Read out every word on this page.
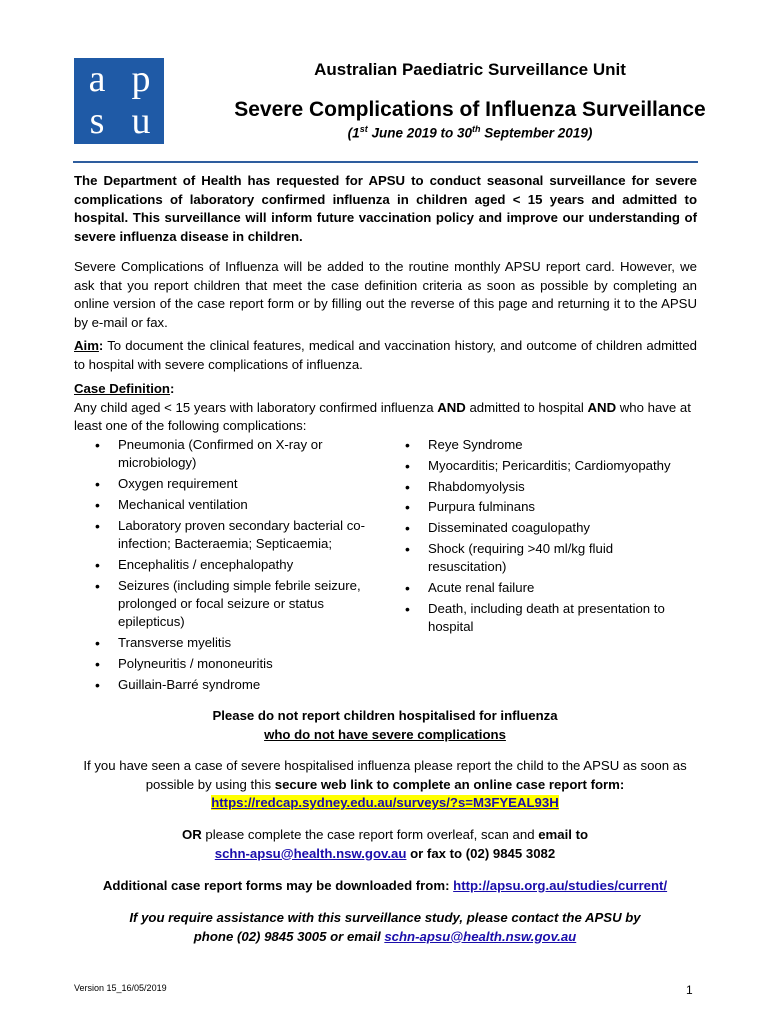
a p
s u
Australian Paediatric Surveillance Unit
Severe Complications of Influenza Surveillance
(1st June 2019 to 30th September 2019)
The Department of Health has requested for APSU to conduct seasonal surveillance for severe complications of laboratory confirmed influenza in children aged < 15 years and admitted to hospital. This surveillance will inform future vaccination policy and improve our understanding of severe influenza disease in children.
Severe Complications of Influenza will be added to the routine monthly APSU report card. However, we ask that you report children that meet the case definition criteria as soon as possible by completing an online version of the case report form or by filling out the reverse of this page and returning it to the APSU by e-mail or fax.
Aim: To document the clinical features, medical and vaccination history, and outcome of children admitted to hospital with severe complications of influenza.
Case Definition:
Any child aged < 15 years with laboratory confirmed influenza AND admitted to hospital AND who have at least one of the following complications:
• Pneumonia (Confirmed on X-ray or microbiology)
• Oxygen requirement
• Mechanical ventilation
• Laboratory proven secondary bacterial co-infection; Bacteraemia; Septicaemia;
• Encephalitis / encephalopathy
• Seizures (including simple febrile seizure, prolonged or focal seizure or status epilepticus)
• Transverse myelitis
• Polyneuritis / mononeuritis
• Guillain-Barré syndrome
• Reye Syndrome
• Myocarditis; Pericarditis; Cardiomyopathy
• Rhabdomyolysis
• Purpura fulminans
• Disseminated coagulopathy
• Shock (requiring >40 ml/kg fluid resuscitation)
• Acute renal failure
• Death, including death at presentation to hospital
Please do not report children hospitalised for influenza
who do not have severe complications
If you have seen a case of severe hospitalised influenza please report the child to the APSU as soon as possible by using this secure web link to complete an online case report form:
https://redcap.sydney.edu.au/surveys/?s=M3FYEAL93H
OR please complete the case report form overleaf, scan and email to
schn-apsu@health.nsw.gov.au or fax to (02) 9845 3082
Additional case report forms may be downloaded from: http://apsu.org.au/studies/current/
If you require assistance with this surveillance study, please contact the APSU by
phone (02) 9845 3005 or email schn-apsu@health.nsw.gov.au
Version 15_16/05/2019	1
